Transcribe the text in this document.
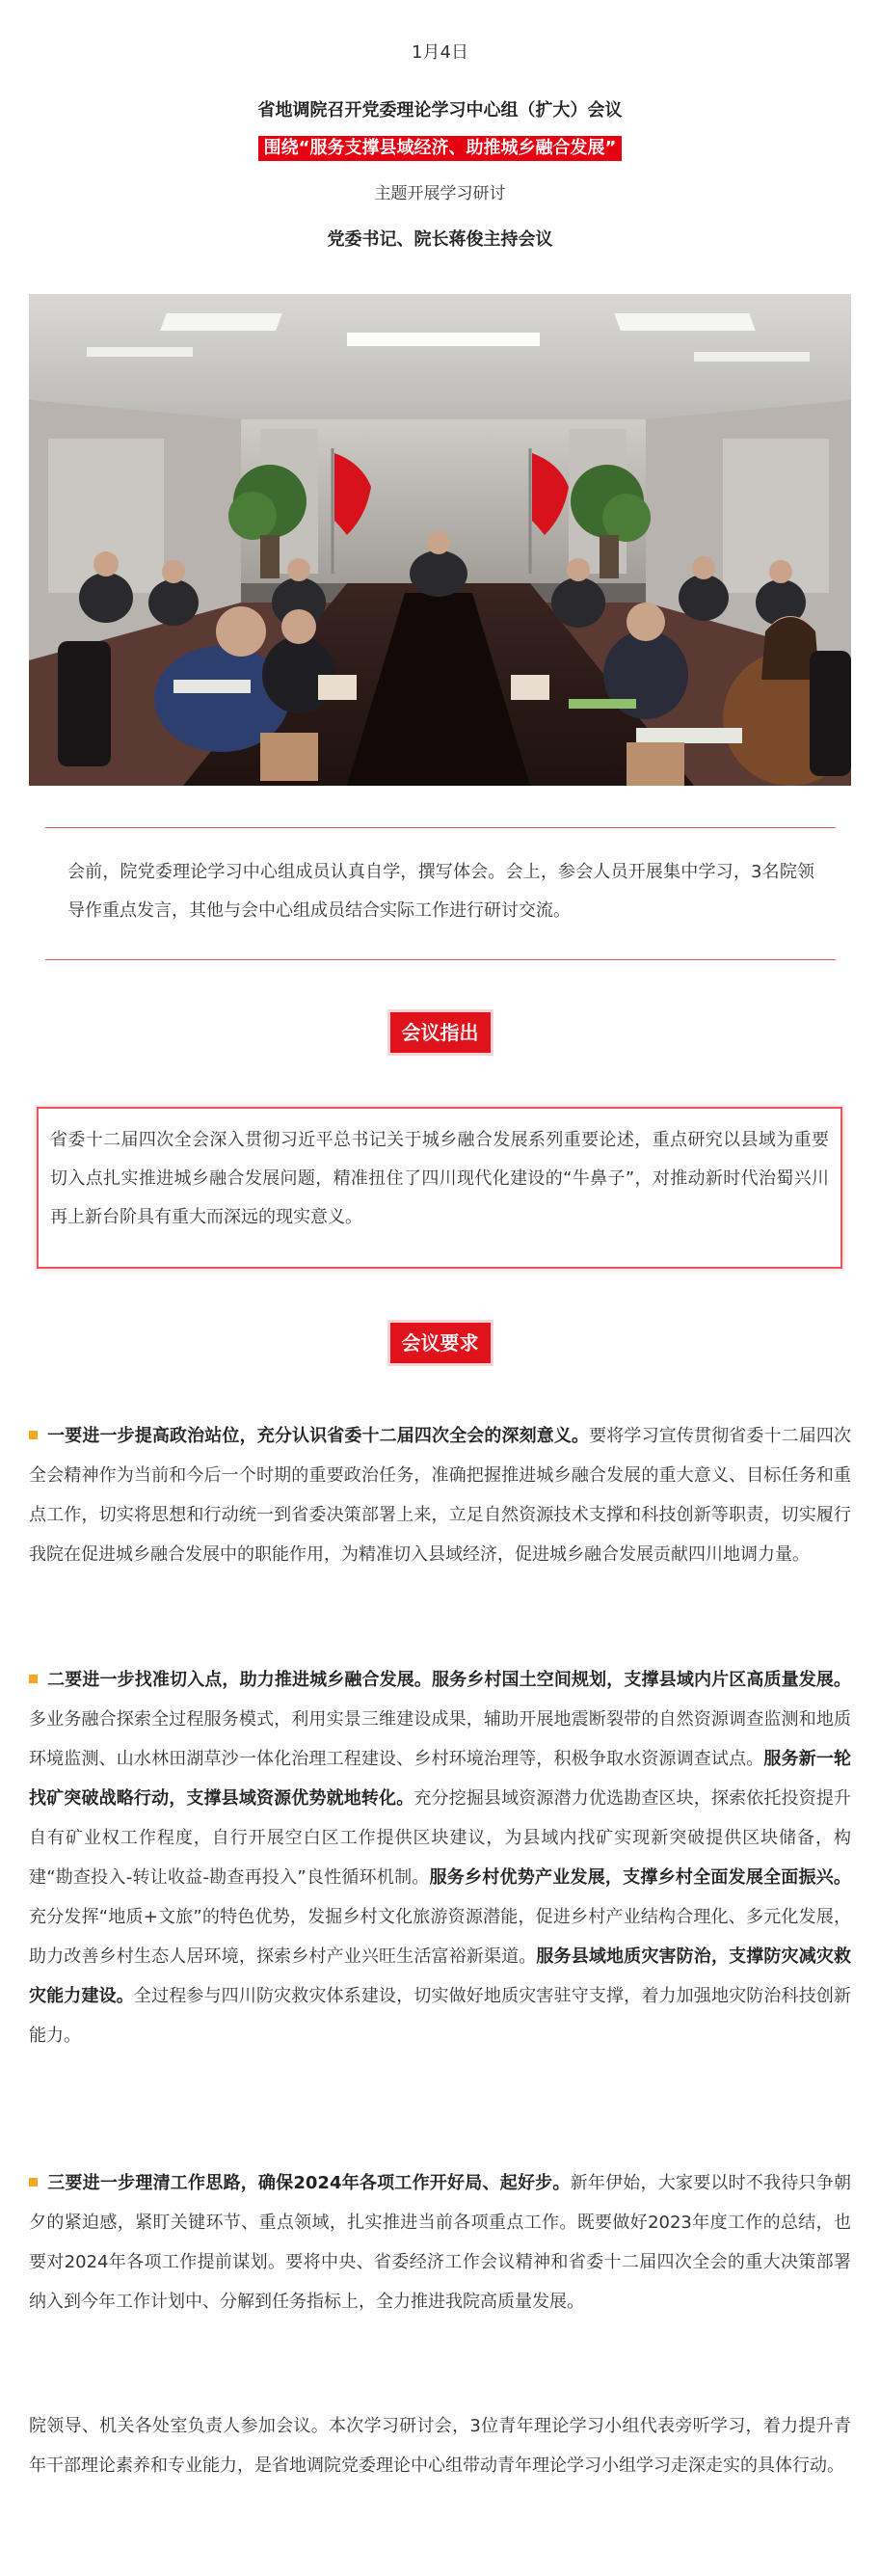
1月4日
省地调院召开党委理论学习中心组（扩大）会议
围绕“服务支撑县域经济、助推城乡融合发展”
主题开展学习研讨
党委书记、院长蒋俊主持会议
会前，院党委理论学习中心组成员认真自学，撰写体会。会上，参会人员开展集中学习，3名院领导作重点发言，其他与会中心组成员结合实际工作进行研讨交流。
会议指出
省委十二届四次全会深入贯彻习近平总书记关于城乡融合发展系列重要论述，重点研究以县域为重要切入点扎实推进城乡融合发展问题，精准扭住了四川现代化建设的“牛鼻子”，对推动新时代治蜀兴川再上新台阶具有重大而深远的现实意义。
会议要求
一要进一步提高政治站位，充分认识省委十二届四次全会的深刻意义。要将学习宣传贯彻省委十二届四次全会精神作为当前和今后一个时期的重要政治任务，准确把握推进城乡融合发展的重大意义、目标任务和重点工作，切实将思想和行动统一到省委决策部署上来，立足自然资源技术支撑和科技创新等职责，切实履行我院在促进城乡融合发展中的职能作用，为精准切入县域经济，促进城乡融合发展贡献四川地调力量。
二要进一步找准切入点，助力推进城乡融合发展。服务乡村国土空间规划，支撑县域内片区高质量发展。多业务融合探索全过程服务模式，利用实景三维建设成果，辅助开展地震断裂带的自然资源调查监测和地质环境监测、山水林田湖草沙一体化治理工程建设、乡村环境治理等，积极争取水资源调查试点。服务新一轮找矿突破战略行动，支撑县域资源优势就地转化。充分挖掘县域资源潜力优选勘查区块，探索依托投资提升自有矿业权工作程度，自行开展空白区工作提供区块建议，为县域内找矿实现新突破提供区块储备，构建“勘查投入-转让收益-勘查再投入”良性循环机制。服务乡村优势产业发展，支撑乡村全面发展全面振兴。充分发挥“地质+文旅”的特色优势，发掘乡村文化旅游资源潜能，促进乡村产业结构合理化、多元化发展，助力改善乡村生态人居环境，探索乡村产业兴旺生活富裕新渠道。服务县域地质灾害防治，支撑防灾减灾救灾能力建设。全过程参与四川防灾救灾体系建设，切实做好地质灾害驻守支撑，着力加强地灾防治科技创新能力。
三要进一步理清工作思路，确保2024年各项工作开好局、起好步。新年伊始，大家要以时不我待只争朝夕的紧迫感，紧盯关键环节、重点领域，扎实推进当前各项重点工作。既要做好2023年度工作的总结，也要对2024年各项工作提前谋划。要将中央、省委经济工作会议精神和省委十二届四次全会的重大决策部署纳入到今年工作计划中、分解到任务指标上，全力推进我院高质量发展。
院领导、机关各处室负责人参加会议。本次学习研讨会，3位青年理论学习小组代表旁听学习，着力提升青年干部理论素养和专业能力，是省地调院党委理论中心组带动青年理论学习小组学习走深走实的具体行动。
